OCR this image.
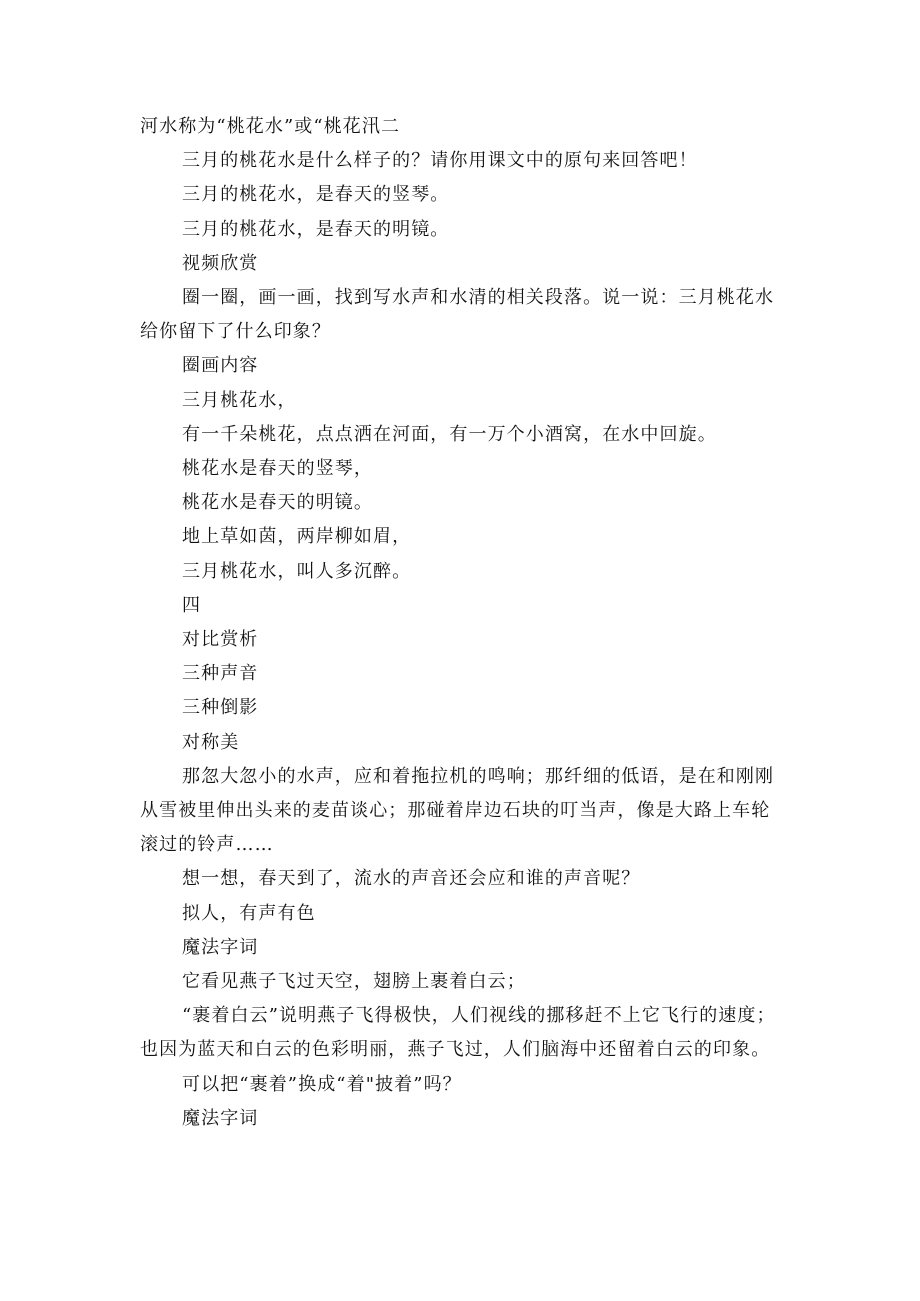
河水称为“桃花水”或“桃花汛二

三月的桃花水是什么样子的？请你用课文中的原句来回答吧！

三月的桃花水，是春天的竖琴。

三月的桃花水，是春天的明镜。

视频欣赏

圈一圈，画一画，找到写水声和水清的相关段落。说一说：三月桃花水给你留下了什么印象？

圈画内容

三月桃花水，

有一千朵桃花，点点洒在河面，有一万个小酒窝，在水中回旋。

桃花水是春天的竖琴，

桃花水是春天的明镜。

地上草如茵，两岸柳如眉，

三月桃花水，叫人多沉醉。

四

对比赏析

三种声音

三种倒影

对称美

那忽大忽小的水声，应和着拖拉机的鸣响；那纤细的低语，是在和刚刚从雪被里伸出头来的麦苗谈心；那碰着岸边石块的叮当声，像是大路上车轮滚过的铃声……

想一想，春天到了，流水的声音还会应和谁的声音呢？

拟人，有声有色

魔法字词

它看见燕子飞过天空，翅膀上裹着白云；

“裹着白云”说明燕子飞得极快，人们视线的挪移赶不上它飞行的速度；也因为蓝天和白云的色彩明丽，燕子飞过，人们脑海中还留着白云的印象。

可以把“裹着”换成“着"披着”吗？

魔法字词
